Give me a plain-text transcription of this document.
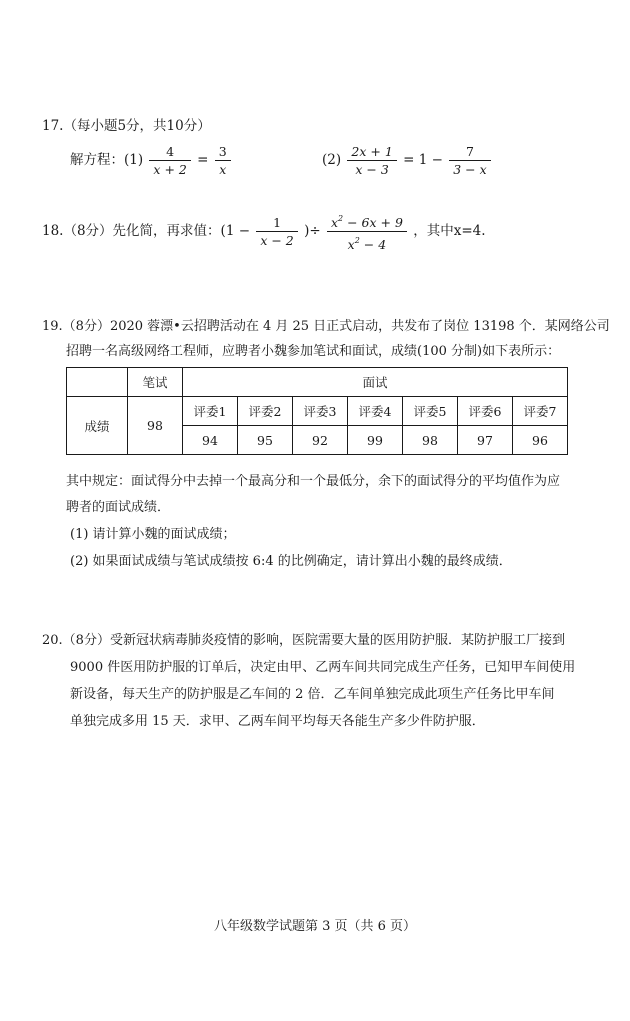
17.（每小题5分，共10分）
解方程：$(1) \frac{4}{x + 2} = \frac{3}{x}$	$(2) \frac{2x + 1}{x - 3} = 1 - \frac{7}{3 - x}$
18.（8分）先化简，再求值：($1 - \frac{1}{x - 2}$ )÷ $\frac{x^2 - 6x + 9}{x^2 - 4}$ ，其中x=4.
19.（8分）2020 蓉漂•云招聘活动在 4 月 25 日正式启动，共发布了岗位 13198 个．某网络公司
招聘一名高级网络工程师，应聘者小魏参加笔试和面试，成绩(100 分制)如下表所示：
	笔试	面试						
成绩	98	评委1	评委2	评委3	评委4	评委5	评委6	评委7
		94	95	92	99	98	97	96
其中规定：面试得分中去掉一个最高分和一个最低分，余下的面试得分的平均值作为应
聘者的面试成绩．
(1) 请计算小魏的面试成绩；
(2) 如果面试成绩与笔试成绩按 6:4 的比例确定，请计算出小魏的最终成绩．
20.（8分）受新冠状病毒肺炎疫情的影响，医院需要大量的医用防护服．某防护服工厂接到
9000 件医用防护服的订单后，决定由甲、乙两车间共同完成生产任务，已知甲车间使用
新设备，每天生产的防护服是乙车间的 2 倍．乙车间单独完成此项生产任务比甲车间
单独完成多用 15 天．求甲、乙两车间平均每天各能生产多少件防护服．
八年级数学试题第 3 页（共 6 页）
